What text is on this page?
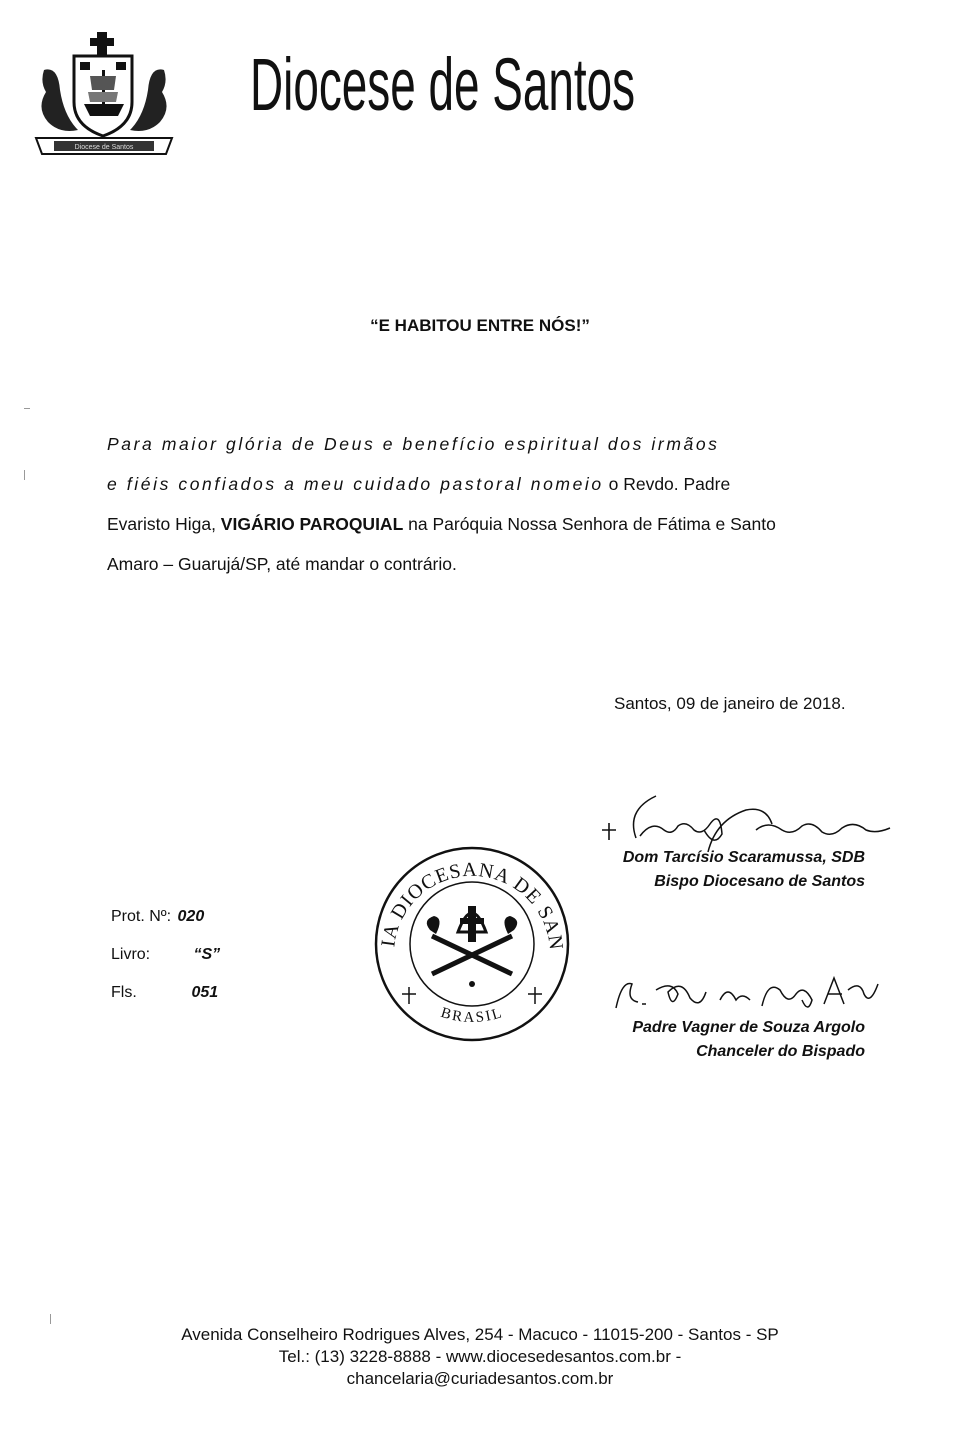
Diocese de Santos
Diocese de Santos
“E HABITOU ENTRE NÓS!”
Para maior glória de Deus e benefício espiritual dos irmãos
e fiéis confiados a meu cuidado pastoral nomeio o Revdo. Padre
Evaristo Higa, VIGÁRIO PAROQUIAL na Paróquia Nossa Senhora de Fátima e Santo
Amaro – Guarujá/SP, até mandar o contrário.
Santos, 09 de janeiro de 2018.
Dom Tarcísio Scaramussa, SDB
Bispo Diocesano de Santos
IA DIOCESANA DE SAN
BRASIL
Padre Vagner de Souza Argolo
Chanceler do Bispado
Prot. Nº: 020
Livro:	“S”
Fls.	051
Avenida Conselheiro Rodrigues Alves, 254 - Macuco - 11015-200 - Santos - SP
Tel.: (13) 3228-8888 - www.diocesedesantos.com.br -
chancelaria@curiadesantos.com.br
